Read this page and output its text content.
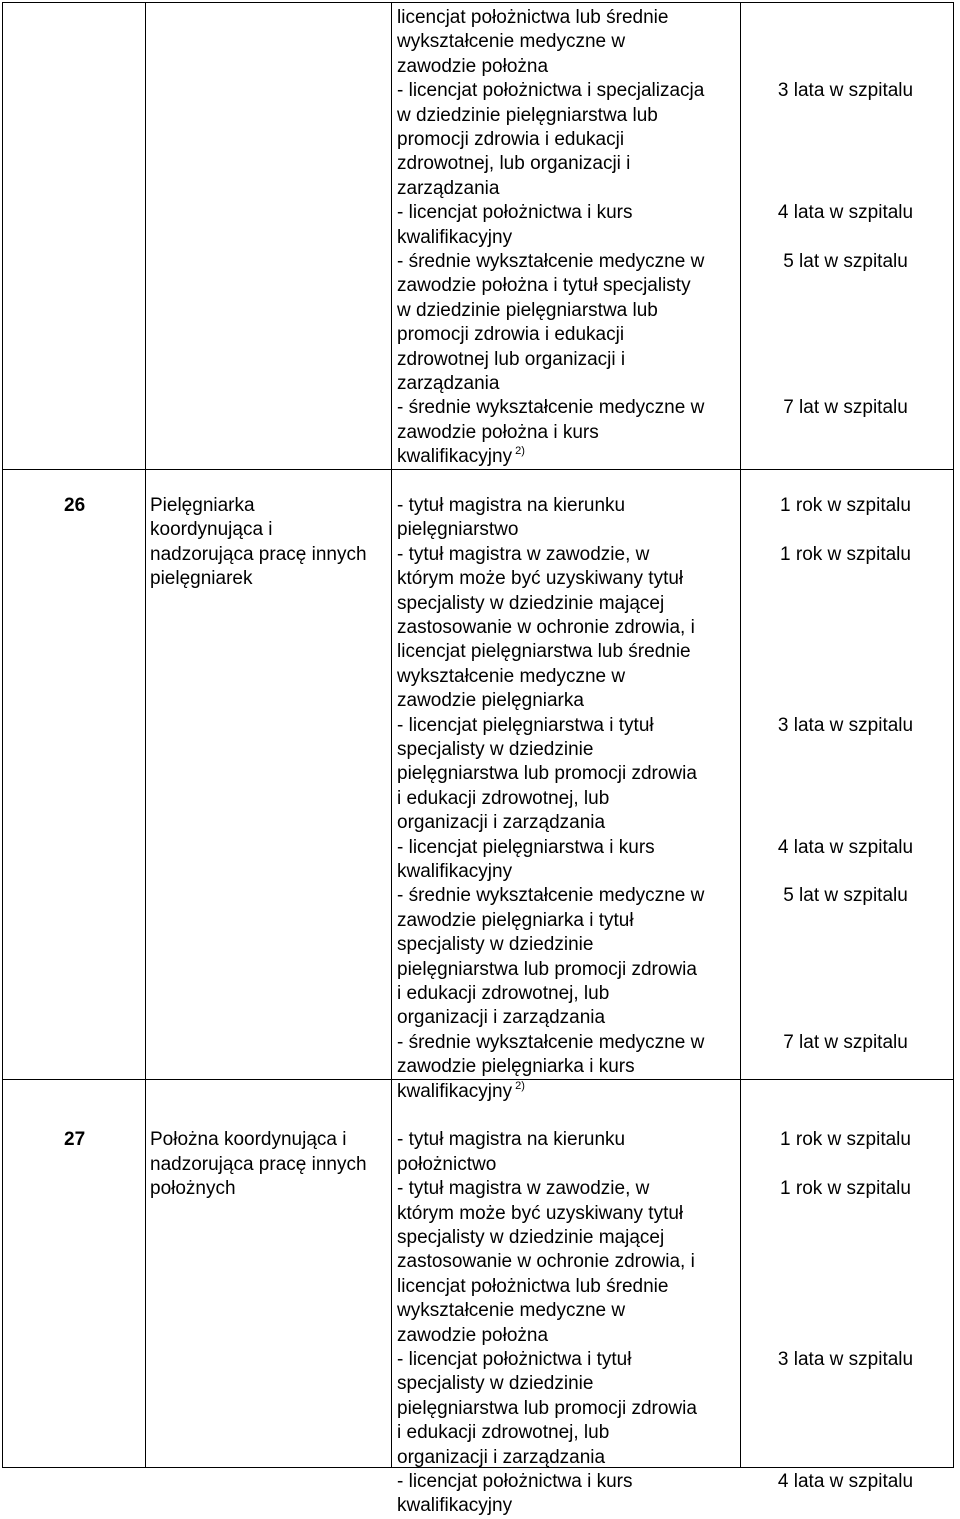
licencjat położnictwa lub średnie
wykształcenie medyczne w
zawodzie położna
- licencjat położnictwa i specjalizacja
w dziedzinie pielęgniarstwa lub
promocji zdrowia i edukacji
zdrowotnej, lub organizacji i
zarządzania
3 lata w szpitalu
- licencjat położnictwa i kurs
kwalifikacyjny
4 lata w szpitalu
- średnie wykształcenie medyczne w
zawodzie położna i tytuł specjalisty
w dziedzinie pielęgniarstwa lub
promocji zdrowia i edukacji
zdrowotnej lub organizacji i
zarządzania
5 lat w szpitalu
- średnie wykształcenie medyczne w
zawodzie położna i kurs
kwalifikacyjny $^{2)}$
7 lat w szpitalu
26	Pielęgniarka
koordynująca i
nadzorująca pracę innych
pielęgniarek
- tytuł magistra na kierunku
pielęgniarstwo
1 rok w szpitalu
- tytuł magistra w zawodzie, w
którym może być uzyskiwany tytuł
specjalisty w dziedzinie mającej
zastosowanie w ochronie zdrowia, i
licencjat pielęgniarstwa lub średnie
wykształcenie medyczne w
zawodzie pielęgniarka
1 rok w szpitalu
- licencjat pielęgniarstwa i tytuł
specjalisty w dziedzinie
pielęgniarstwa lub promocji zdrowia
i edukacji zdrowotnej, lub
organizacji i zarządzania
3 lata w szpitalu
- licencjat pielęgniarstwa i kurs
kwalifikacyjny
4 lata w szpitalu
- średnie wykształcenie medyczne w
zawodzie pielęgniarka i tytuł
specjalisty w dziedzinie
pielęgniarstwa lub promocji zdrowia
i edukacji zdrowotnej, lub
organizacji i zarządzania
5 lat w szpitalu
- średnie wykształcenie medyczne w
zawodzie pielęgniarka i kurs
kwalifikacyjny $^{2)}$
7 lat w szpitalu
27	Położna koordynująca i
nadzorująca pracę innych
położnych
- tytuł magistra na kierunku
położnictwo
1 rok w szpitalu
- tytuł magistra w zawodzie, w
którym może być uzyskiwany tytuł
specjalisty w dziedzinie mającej
zastosowanie w ochronie zdrowia, i
licencjat położnictwa lub średnie
wykształcenie medyczne w
zawodzie położna
1 rok w szpitalu
- licencjat położnictwa i tytuł
specjalisty w dziedzinie
pielęgniarstwa lub promocji zdrowia
i edukacji zdrowotnej, lub
organizacji i zarządzania
3 lata w szpitalu
- licencjat położnictwa i kurs
kwalifikacyjny
4 lata w szpitalu
